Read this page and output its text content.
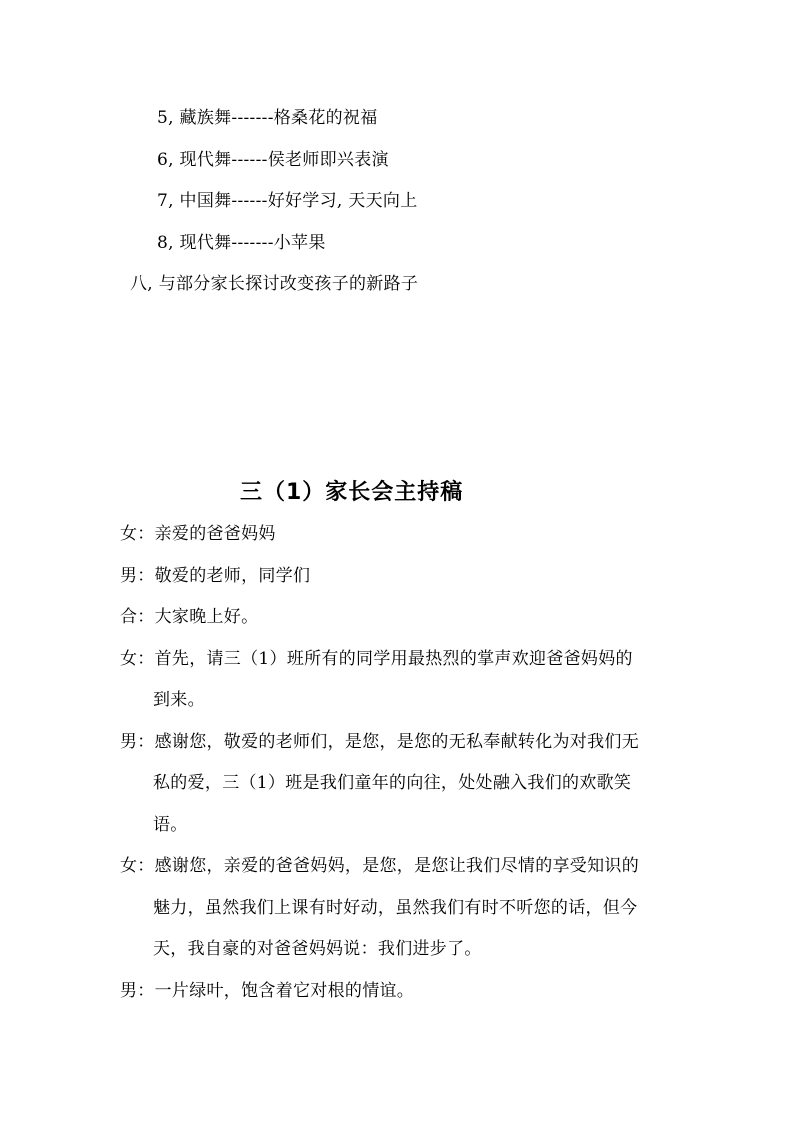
5, 藏族舞-------格桑花的祝福
6, 现代舞------侯老师即兴表演
7, 中国舞------好好学习, 天天向上
8, 现代舞-------小苹果
八, 与部分家长探讨改变孩子的新路子
三（1）家长会主持稿
女：亲爱的爸爸妈妈
男：敬爱的老师，同学们
合：大家晚上好。
女：首先，请三（1）班所有的同学用最热烈的掌声欢迎爸爸妈妈的
到来。
男：感谢您，敬爱的老师们，是您，是您的无私奉献转化为对我们无
私的爱，三（1）班是我们童年的向往，处处融入我们的欢歌笑
语。
女：感谢您，亲爱的爸爸妈妈，是您，是您让我们尽情的享受知识的
魅力，虽然我们上课有时好动，虽然我们有时不听您的话，但今
天，我自豪的对爸爸妈妈说：我们进步了。
男：一片绿叶，饱含着它对根的情谊。
